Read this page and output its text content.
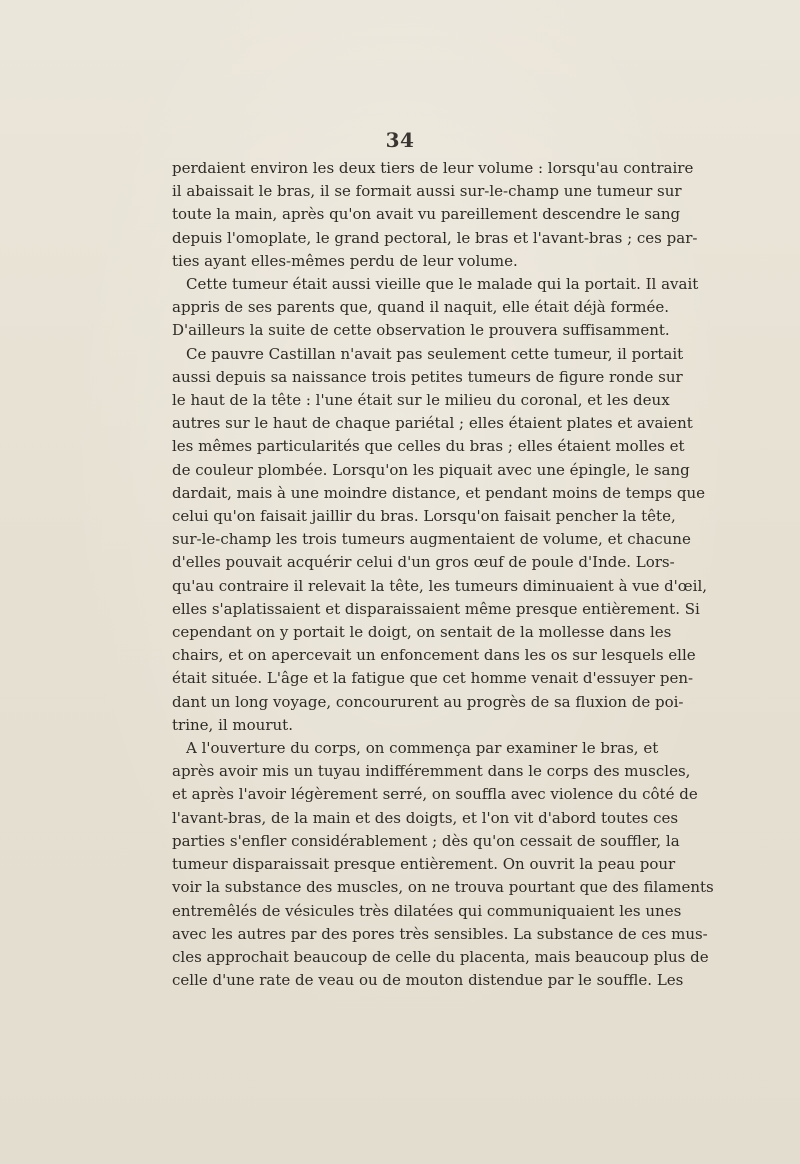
34

perdaient environ les deux tiers de leur volume : lorsqu'au contraire
il abaissait le bras, il se formait aussi sur-le-champ une tumeur sur
toute la main, après qu'on avait vu pareillement descendre le sang
depuis l'omoplate, le grand pectoral, le bras et l'avant-bras ; ces par-
ties ayant elles-mêmes perdu de leur volume.

Cette tumeur était aussi vieille que le malade qui la portait. Il avait
appris de ses parents que, quand il naquit, elle était déjà formée.
D'ailleurs la suite de cette observation le prouvera suffisamment.

Ce pauvre Castillan n'avait pas seulement cette tumeur, il portait
aussi depuis sa naissance trois petites tumeurs de figure ronde sur
le haut de la tête : l'une était sur le milieu du coronal, et les deux
autres sur le haut de chaque pariétal ; elles étaient plates et avaient
les mêmes particularités que celles du bras ; elles étaient molles et
de couleur plombée. Lorsqu'on les piquait avec une épingle, le sang
dardait, mais à une moindre distance, et pendant moins de temps que
celui qu'on faisait jaillir du bras. Lorsqu'on faisait pencher la tête,
sur-le-champ les trois tumeurs augmentaient de volume, et chacune
d'elles pouvait acquérir celui d'un gros œuf de poule d'Inde. Lors-
qu'au contraire il relevait la tête, les tumeurs diminuaient à vue d'œil,
elles s'aplatissaient et disparaissaient même presque entièrement. Si
cependant on y portait le doigt, on sentait de la mollesse dans les
chairs, et on apercevait un enfoncement dans les os sur lesquels elle
était située. L'âge et la fatigue que cet homme venait d'essuyer pen-
dant un long voyage, concoururent au progrès de sa fluxion de poi-
trine, il mourut.

A l'ouverture du corps, on commença par examiner le bras, et
après avoir mis un tuyau indifféremment dans le corps des muscles,
et après l'avoir légèrement serré, on souffla avec violence du côté de
l'avant-bras, de la main et des doigts, et l'on vit d'abord toutes ces
parties s'enfler considérablement ; dès qu'on cessait de souffler, la
tumeur disparaissait presque entièrement. On ouvrit la peau pour
voir la substance des muscles, on ne trouva pourtant que des filaments
entremêlés de vésicules très dilatées qui communiquaient les unes
avec les autres par des pores très sensibles. La substance de ces mus-
cles approchait beaucoup de celle du placenta, mais beaucoup plus de
celle d'une rate de veau ou de mouton distendue par le souffle. Les
